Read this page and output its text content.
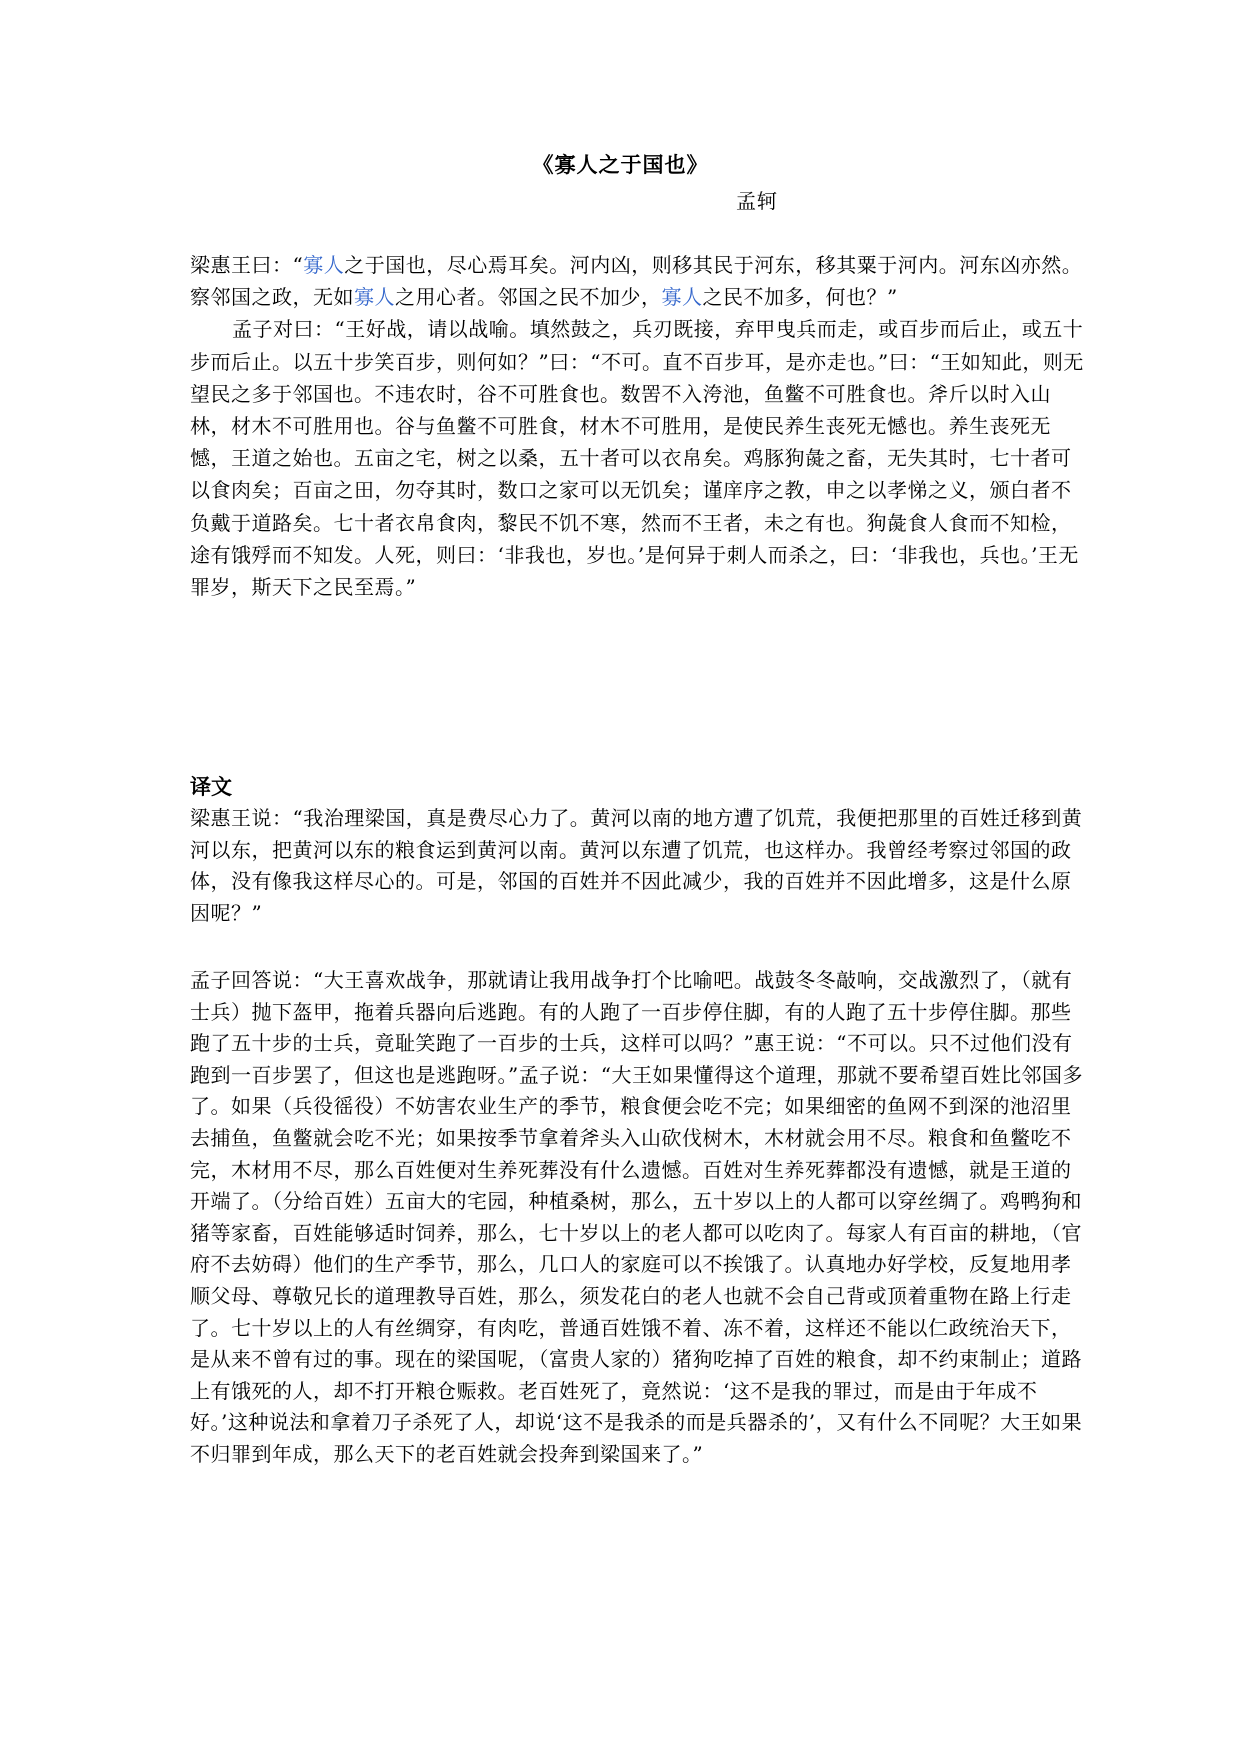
《寡人之于国也》
孟轲

梁惠王曰：“寡人之于国也，尽心焉耳矣。河内凶，则移其民于河东，移其粟于河内。河东凶亦然。察邻国之政，无如寡人之用心者。邻国之民不加少，寡人之民不加多，何也？”

孟子对曰：“王好战，请以战喻。填然鼓之，兵刃既接，弃甲曳兵而走，或百步而后止，或五十步而后止。以五十步笑百步，则何如？”曰：“不可。直不百步耳，是亦走也。”曰：“王如知此，则无望民之多于邻国也。不违农时，谷不可胜食也。数罟不入洿池，鱼鳖不可胜食也。斧斤以时入山林，材木不可胜用也。谷与鱼鳖不可胜食，材木不可胜用，是使民养生丧死无憾也。养生丧死无憾，王道之始也。五亩之宅，树之以桑，五十者可以衣帛矣。鸡豚狗彘之畜，无失其时，七十者可以食肉矣；百亩之田，勿夺其时，数口之家可以无饥矣；谨庠序之教，申之以孝悌之义，颁白者不负戴于道路矣。七十者衣帛食肉，黎民不饥不寒，然而不王者，未之有也。狗彘食人食而不知检，途有饿殍而不知发。人死，则曰：‘非我也，岁也。’是何异于刺人而杀之，曰：‘非我也，兵也。’王无罪岁，斯天下之民至焉。”

译文

梁惠王说：“我治理梁国，真是费尽心力了。黄河以南的地方遭了饥荒，我便把那里的百姓迁移到黄河以东，把黄河以东的粮食运到黄河以南。黄河以东遭了饥荒，也这样办。我曾经考察过邻国的政体，没有像我这样尽心的。可是，邻国的百姓并不因此减少，我的百姓并不因此增多，这是什么原因呢？”

孟子回答说：“大王喜欢战争，那就请让我用战争打个比喻吧。战鼓冬冬敲响，交战激烈了，（就有士兵）抛下盔甲，拖着兵器向后逃跑。有的人跑了一百步停住脚，有的人跑了五十步停住脚。那些跑了五十步的士兵，竟耻笑跑了一百步的士兵，这样可以吗？”惠王说：“不可以。只不过他们没有跑到一百步罢了，但这也是逃跑呀。”孟子说：“大王如果懂得这个道理，那就不要希望百姓比邻国多了。如果（兵役徭役）不妨害农业生产的季节，粮食便会吃不完；如果细密的鱼网不到深的池沼里去捕鱼，鱼鳖就会吃不光；如果按季节拿着斧头入山砍伐树木，木材就会用不尽。粮食和鱼鳖吃不完，木材用不尽，那么百姓便对生养死葬没有什么遗憾。百姓对生养死葬都没有遗憾，就是王道的开端了。（分给百姓）五亩大的宅园，种植桑树，那么，五十岁以上的人都可以穿丝绸了。鸡鸭狗和猪等家畜，百姓能够适时饲养，那么，七十岁以上的老人都可以吃肉了。每家人有百亩的耕地，（官府不去妨碍）他们的生产季节，那么，几口人的家庭可以不挨饿了。认真地办好学校，反复地用孝顺父母、尊敬兄长的道理教导百姓，那么，须发花白的老人也就不会自己背或顶着重物在路上行走了。七十岁以上的人有丝绸穿，有肉吃，普通百姓饿不着、冻不着，这样还不能以仁政统治天下，是从来不曾有过的事。现在的梁国呢，（富贵人家的）猪狗吃掉了百姓的粮食，却不约束制止；道路上有饿死的人，却不打开粮仓赈救。老百姓死了，竟然说：‘这不是我的罪过，而是由于年成不好。’这种说法和拿着刀子杀死了人，却说‘这不是我杀的而是兵器杀的’，又有什么不同呢？大王如果不归罪到年成，那么天下的老百姓就会投奔到梁国来了。”
